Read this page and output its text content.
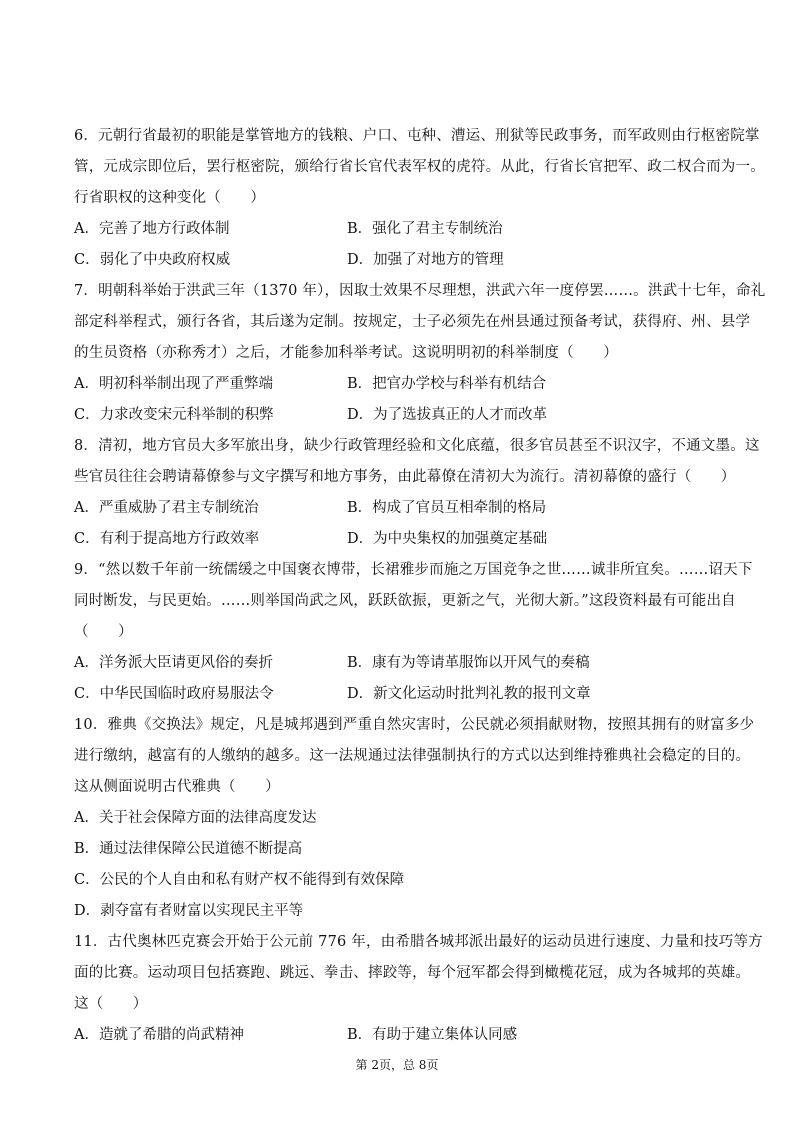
6．元朝行省最初的职能是掌管地方的钱粮、户口、屯种、漕运、刑狱等民政事务，而军政则由行枢密院掌
管，元成宗即位后，罢行枢密院，颁给行省长官代表军权的虎符。从此，行省长官把军、政二权合而为一。
行省职权的这种变化（　　）
A．完善了地方行政体制	B．强化了君主专制统治
C．弱化了中央政府权威	D．加强了对地方的管理
7．明朝科举始于洪武三年（1370 年），因取士效果不尽理想，洪武六年一度停罢……。洪武十七年，命礼
部定科举程式，颁行各省，其后遂为定制。按规定，士子必须先在州县通过预备考试，获得府、州、县学
的生员资格（亦称秀才）之后，才能参加科举考试。这说明明初的科举制度（　　）
A．明初科举制出现了严重弊端	B．把官办学校与科举有机结合
C．力求改变宋元科举制的积弊	D．为了选拔真正的人才而改革
8．清初，地方官员大多军旅出身，缺少行政管理经验和文化底蕴，很多官员甚至不识汉字，不通文墨。这
些官员往往会聘请幕僚参与文字撰写和地方事务，由此幕僚在清初大为流行。清初幕僚的盛行（　　）
A．严重威胁了君主专制统治	B．构成了官员互相牵制的格局
C．有利于提高地方行政效率	D．为中央集权的加强奠定基础
9．“然以数千年前一统儒缓之中国褒衣博带，长裙雅步而施之万国竞争之世……诚非所宜矣。……诏天下
同时断发，与民更始。……则举国尚武之风，跃跃欲振，更新之气，光彻大新。”这段资料最有可能出自
（　　）
A．洋务派大臣请更风俗的奏折	B．康有为等请革服饰以开风气的奏稿
C．中华民国临时政府易服法令	D．新文化运动时批判礼教的报刊文章
10．雅典《交换法》规定，凡是城邦遇到严重自然灾害时，公民就必须捐献财物，按照其拥有的财富多少
进行缴纳，越富有的人缴纳的越多。这一法规通过法律强制执行的方式以达到维持雅典社会稳定的目的。
这从侧面说明古代雅典（　　）
A．关于社会保障方面的法律高度发达
B．通过法律保障公民道德不断提高
C．公民的个人自由和私有财产权不能得到有效保障
D．剥夺富有者财富以实现民主平等
11．古代奥林匹克赛会开始于公元前 776 年，由希腊各城邦派出最好的运动员进行速度、力量和技巧等方
面的比赛。运动项目包括赛跑、跳远、拳击、摔跤等，每个冠军都会得到橄榄花冠，成为各城邦的英雄。
这（　　）
A．造就了希腊的尚武精神	B．有助于建立集体认同感
第 2页，总 8页
